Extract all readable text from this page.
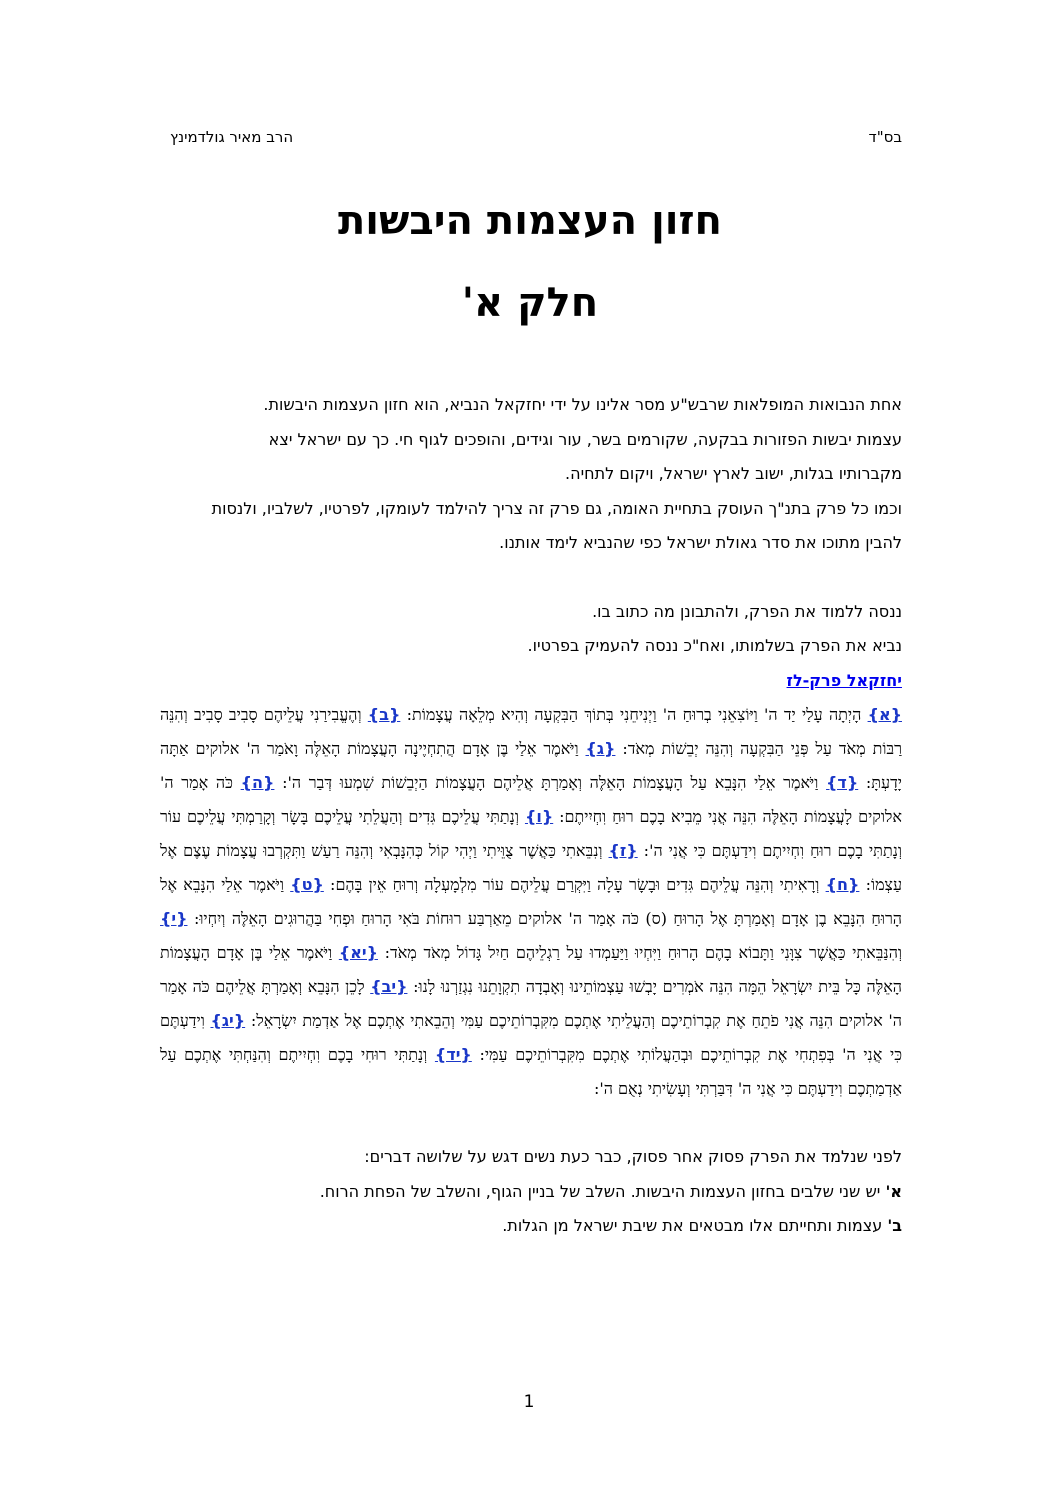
בס"ד
הרב מאיר גולדמינץ
חזון העצמות היבשות
חלק א'

אחת הנבואות המופלאות שרבש"ע מסר אלינו על ידי יחזקאל הנביא, הוא חזון העצמות היבשות.

עצמות יבשות הפזורות בבקעה, שקורמים בשר, עור וגידים, והופכים לגוף חי. כך עם ישראל יצא

מקברותיו בגלות, ישוב לארץ ישראל, ויקום לתחיה.

וכמו כל פרק בתנ"ך העוסק בתחיית האומה, גם פרק זה צריך להילמד לעומקו, לפרטיו, לשלביו, ולנסות

להבין מתוכו את סדר גאולת ישראל כפי שהנביא לימד אותנו.

ננסה ללמוד את הפרק, ולהתבונן מה כתוב בו.

נביא את הפרק בשלמותו, ואח"כ ננסה להעמיק בפרטיו.

יחזקאל פרק-לז

{א} הָיְתָה עָלַי יַד ה' וַיּוֹצִאֵנִי בְרוּחַ ה' וַיְנִיחֵנִי בְּתוֹךְ הַבִּקְעָה וְהִיא מְלֵאָה עֲצָמוֹת: {ב} וְהֶעֱבִירַנִי עֲלֵיהֶם סָבִיב סָבִיב וְהִנֵּה רַבּוֹת מְאֹד עַל פְּנֵי הַבִּקְעָה וְהִנֵּה יְבֵשׁוֹת מְאֹד: {ג} וַיֹּאמֶר אֵלַי בֶּן אָדָם הֲתִחְיֶינָה הָעֲצָמוֹת הָאֵלֶּה וָאֹמַר ה' אלוקים אַתָּה יָדָעְתָּ: {ד} וַיֹּאמֶר אֵלַי הִנָּבֵא עַל הָעֲצָמוֹת הָאֵלֶּה וְאָמַרְתָּ אֲלֵיהֶם הָעֲצָמוֹת הַיְבֵשׁוֹת שִׁמְעוּ דְּבַר ה': {ה} כֹּה אָמַר ה' אלוקים לָעֲצָמוֹת הָאֵלֶּה הִנֵּה אֲנִי מֵבִיא בָכֶם רוּחַ וִחְיִיתֶם: {ו} וְנָתַתִּי עֲלֵיכֶם גִּדִים וְהַעֲלֵתִי עֲלֵיכֶם בָּשָׂר וְקָרַמְתִּי עֲלֵיכֶם עוֹר וְנָתַתִּי בָכֶם רוּחַ וִחְיִיתֶם וִידַעְתֶּם כִּי אֲנִי ה': {ז} וְנִבֵּאתִי כַּאֲשֶׁר צֻוֵּיתִי וַיְהִי קוֹל כְּהִנָּבְאִי וְהִנֵּה רַעַשׁ וַתִּקְרְבוּ עֲצָמוֹת עֶצֶם אֶל עַצְמוֹ: {ח} וְרָאִיתִי וְהִנֵּה עֲלֵיהֶם גִּדִים וּבָשָׂר עָלָה וַיִּקְרַם עֲלֵיהֶם עוֹר מִלְמָעְלָה וְרוּחַ אֵין בָּהֶם: {ט} וַיֹּאמֶר אֵלַי הִנָּבֵא אֶל הָרוּחַ הִנָּבֵא בֶן אָדָם וְאָמַרְתָּ אֶל הָרוּחַ (ס) כֹּה אָמַר ה' אלוקים מֵאַרְבַּע רוּחוֹת בֹּאִי הָרוּחַ וּפְחִי בַּהֲרוּגִים הָאֵלֶּה וְיִחְיוּ: {י} וְהִנַּבֵּאתִי כַּאֲשֶׁר צִוָּנִי וַתָּבוֹא בָהֶם הָרוּחַ וַיִּחְיוּ וַיַּעַמְדוּ עַל רַגְלֵיהֶם חַיִל גָּדוֹל מְאֹד מְאֹד: {יא} וַיֹּאמֶר אֵלַי בֶּן אָדָם הָעֲצָמוֹת הָאֵלֶּה כָּל בֵּית יִשְׂרָאֵל הֵמָּה הִנֵּה אֹמְרִים יָבְשׁוּ עַצְמוֹתֵינוּ וְאָבְדָה תִקְוָתֵנוּ נִגְזַרְנוּ לָנוּ: {יב} לָכֵן הִנָּבֵא וְאָמַרְתָּ אֲלֵיהֶם כֹּה אָמַר ה' אלוקים הִנֵּה אֲנִי פֹתֵחַ אֶת קִבְרוֹתֵיכֶם וְהַעֲלֵיתִי אֶתְכֶם מִקִּבְרוֹתֵיכֶם עַמִּי וְהֵבֵאתִי אֶתְכֶם אֶל אַדְמַת יִשְׂרָאֵל: {יג} וִידַעְתֶּם כִּי אֲנִי ה' בְּפִתְחִי אֶת קִבְרוֹתֵיכֶם וּבְהַעֲלוֹתִי אֶתְכֶם מִקִּבְרוֹתֵיכֶם עַמִּי: {יד} וְנָתַתִּי רוּחִי בָכֶם וִחְיִיתֶם וְהִנַּחְתִּי אֶתְכֶם עַל אַדְמַתְכֶם וִידַעְתֶּם כִּי אֲנִי ה' דִּבַּרְתִּי וְעָשִׂיתִי נְאֻם ה':

לפני שנלמד את הפרק פסוק אחר פסוק, כבר כעת נשים דגש על שלושה דברים:

א' יש שני שלבים בחזון העצמות היבשות. השלב של בניין הגוף, והשלב של הפחת הרוח.

ב' עצמות ותחייתם אלו מבטאים את שיבת ישראל מן הגלות.

1
